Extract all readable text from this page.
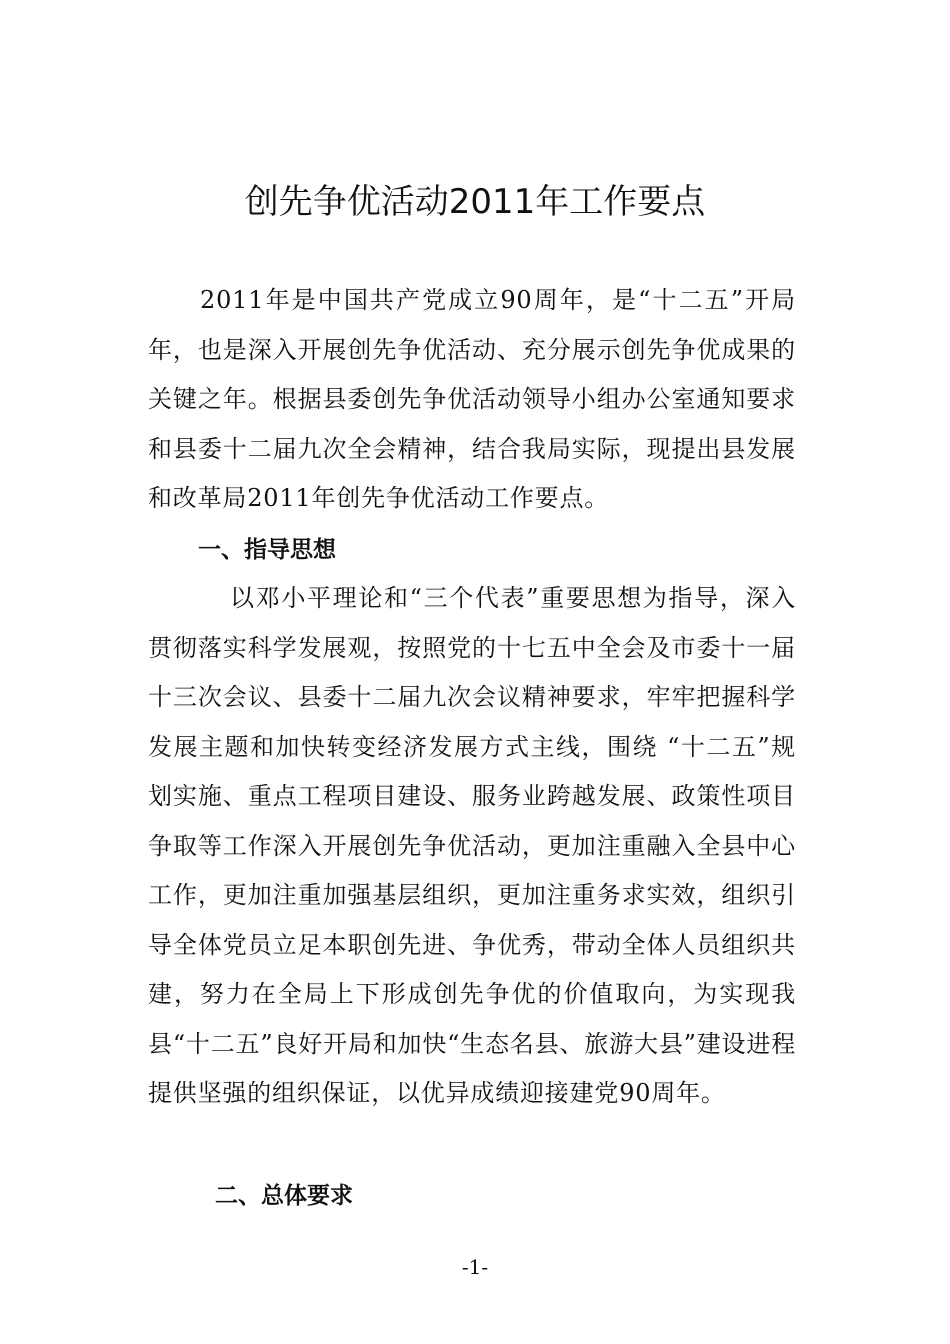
创先争优活动2011年工作要点

2011年是中国共产党成立90周年，是“十二五”开局年，也是深入开展创先争优活动、充分展示创先争优成果的关键之年。根据县委创先争优活动领导小组办公室通知要求和县委十二届九次全会精神，结合我局实际，现提出县发展和改革局2011年创先争优活动工作要点。

一、指导思想

以邓小平理论和“三个代表”重要思想为指导，深入贯彻落实科学发展观，按照党的十七五中全会及市委十一届十三次会议、县委十二届九次会议精神要求，牢牢把握科学发展主题和加快转变经济发展方式主线，围绕 “十二五”规划实施、重点工程项目建设、服务业跨越发展、政策性项目争取等工作深入开展创先争优活动，更加注重融入全县中心工作，更加注重加强基层组织，更加注重务求实效，组织引导全体党员立足本职创先进、争优秀，带动全体人员组织共建，努力在全局上下形成创先争优的价值取向，为实现我县“十二五”良好开局和加快“生态名县、旅游大县”建设进程提供坚强的组织保证，以优异成绩迎接建党90周年。

二、总体要求
-1-
